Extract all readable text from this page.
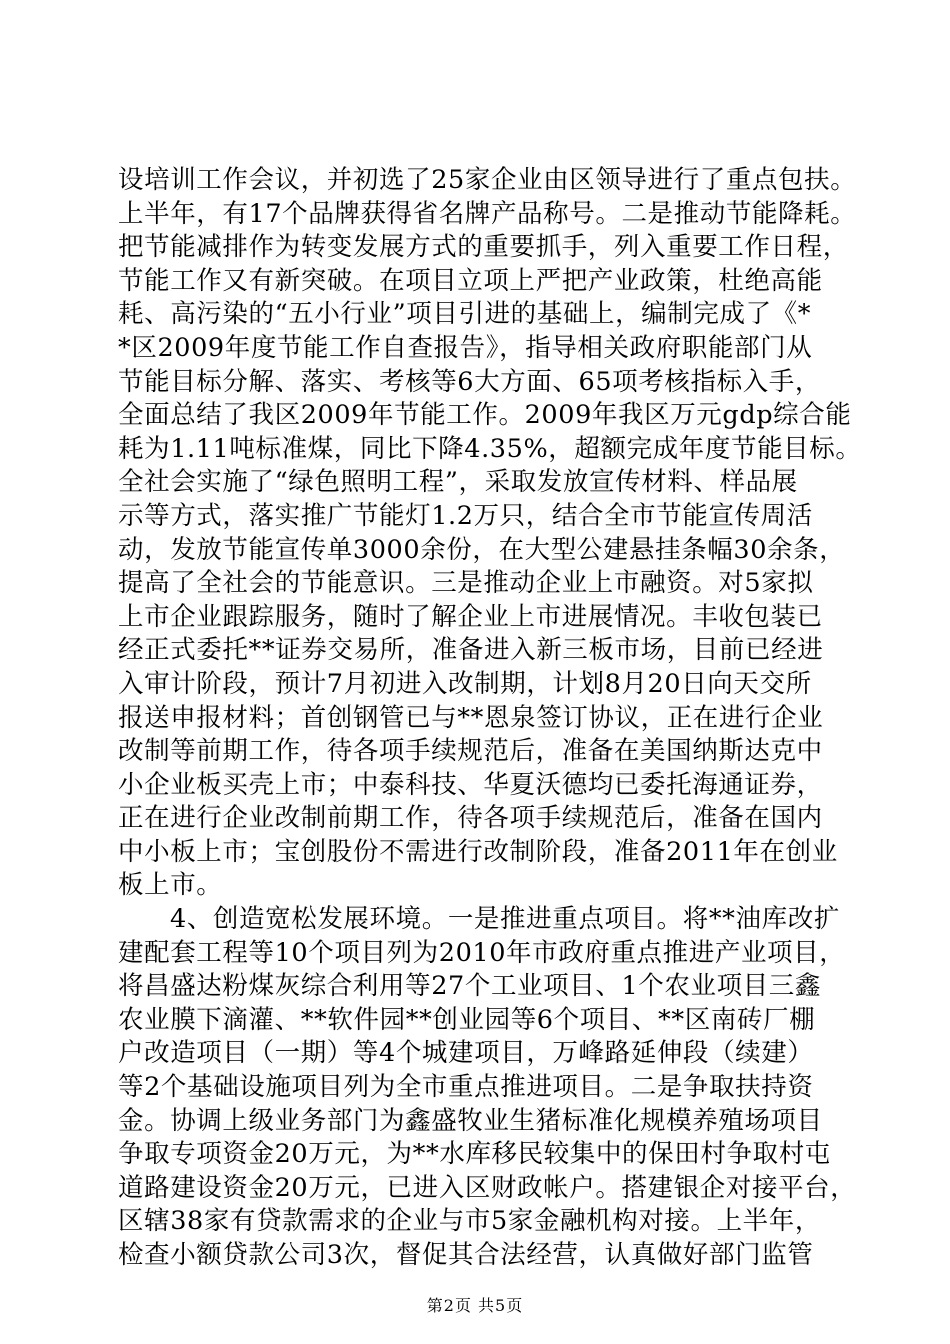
设培训工作会议，并初选了25家企业由区领导进行了重点包扶。
上半年，有17个品牌获得省名牌产品称号。二是推动节能降耗。
把节能减排作为转变发展方式的重要抓手，列入重要工作日程，
节能工作又有新突破。在项目立项上严把产业政策，杜绝高能
耗、高污染的“五小行业”项目引进的基础上，编制完成了《*
*区2009年度节能工作自查报告》，指导相关政府职能部门从
节能目标分解、落实、考核等6大方面、65项考核指标入手，
全面总结了我区2009年节能工作。2009年我区万元gdp综合能
耗为1.11吨标准煤，同比下降4.35%，超额完成年度节能目标。
全社会实施了“绿色照明工程”，采取发放宣传材料、样品展
示等方式，落实推广节能灯1.2万只，结合全市节能宣传周活
动，发放节能宣传单3000余份，在大型公建悬挂条幅30余条，
提高了全社会的节能意识。三是推动企业上市融资。对5家拟
上市企业跟踪服务，随时了解企业上市进展情况。丰收包装已
经正式委托**证券交易所，准备进入新三板市场，目前已经进
入审计阶段，预计7月初进入改制期，计划8月20日向天交所
报送申报材料；首创钢管已与**恩泉签订协议，正在进行企业
改制等前期工作，待各项手续规范后，准备在美国纳斯达克中
小企业板买壳上市；中泰科技、华夏沃德均已委托海通证券，
正在进行企业改制前期工作，待各项手续规范后，准备在国内
中小板上市；宝创股份不需进行改制阶段，准备2011年在创业
板上市。
4、创造宽松发展环境。一是推进重点项目。将**油库改扩
建配套工程等10个项目列为2010年市政府重点推进产业项目，
将昌盛达粉煤灰综合利用等27个工业项目、1个农业项目三鑫
农业膜下滴灌、**软件园**创业园等6个项目、**区南砖厂棚
户改造项目（一期）等4个城建项目，万峰路延伸段（续建）
等2个基础设施项目列为全市重点推进项目。二是争取扶持资
金。协调上级业务部门为鑫盛牧业生猪标准化规模养殖场项目
争取专项资金20万元，为**水库移民较集中的保田村争取村屯
道路建设资金20万元，已进入区财政帐户。搭建银企对接平台，
区辖38家有贷款需求的企业与市5家金融机构对接。上半年，
检查小额贷款公司3次，督促其合法经营，认真做好部门监管
第2页 共5页
